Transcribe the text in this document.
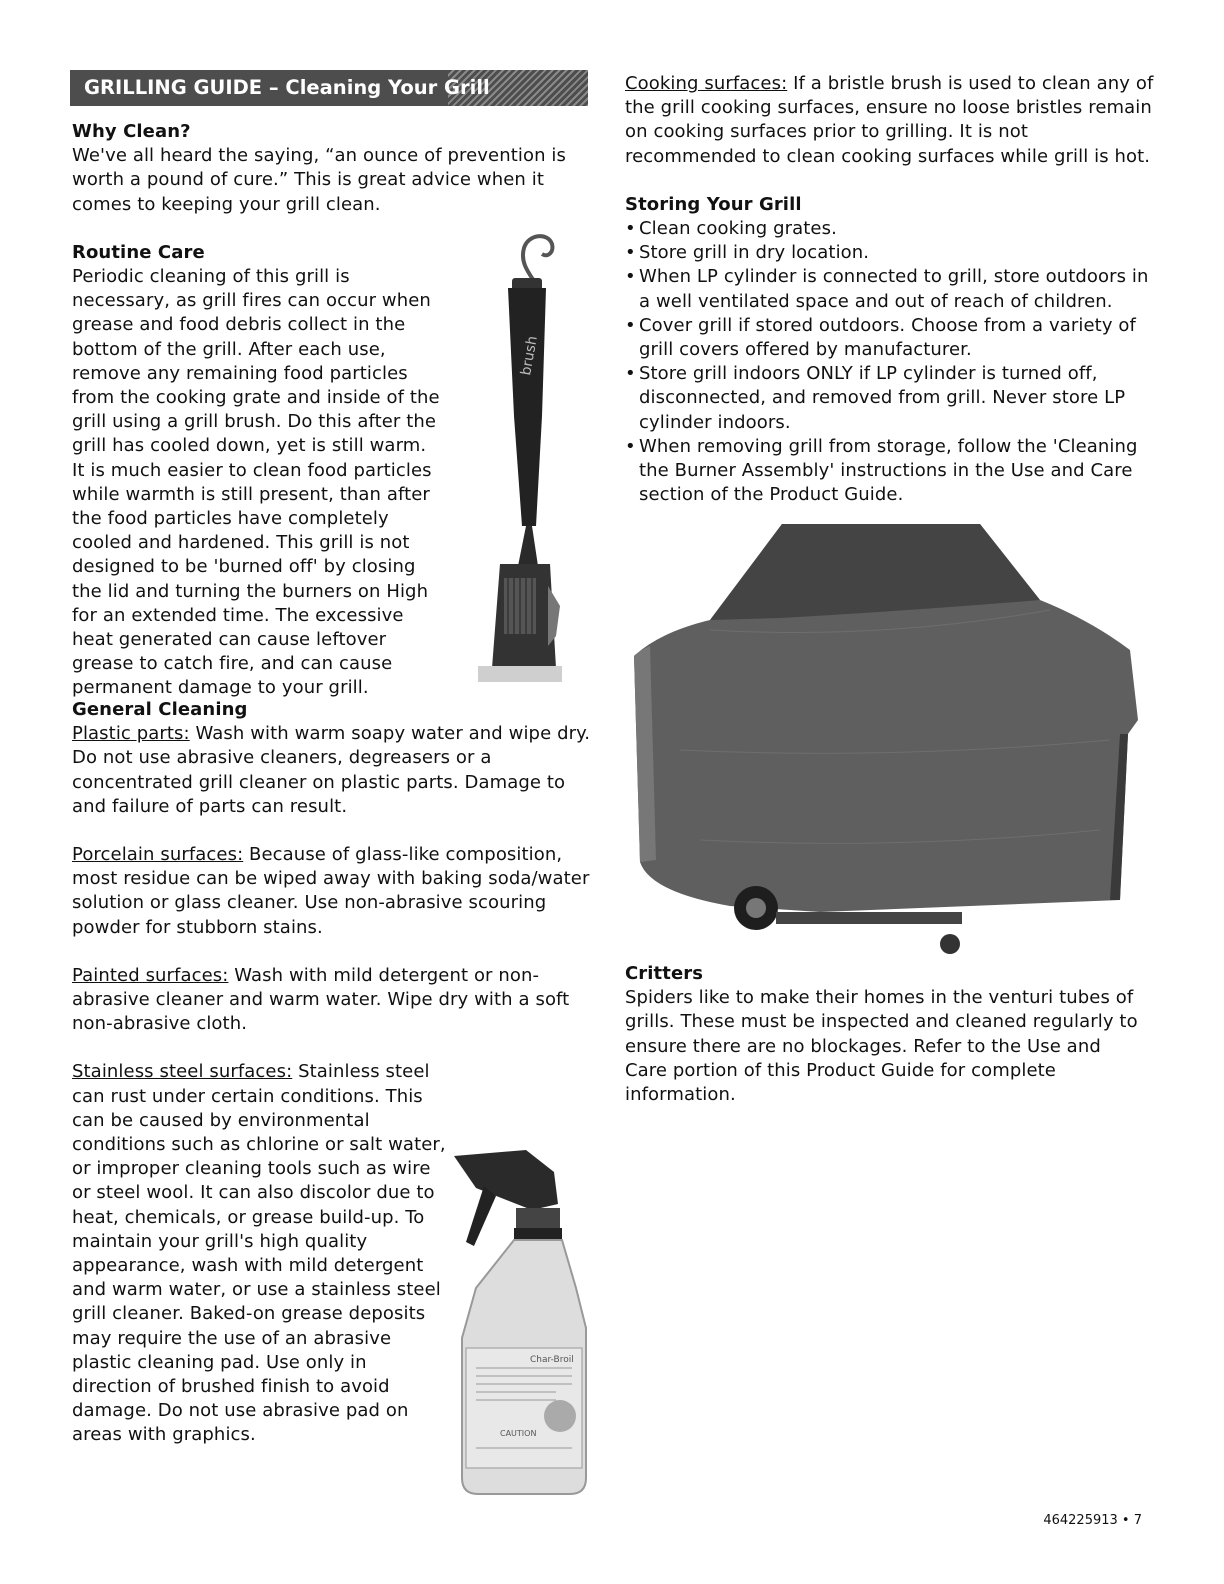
GRILLING GUIDE – Cleaning Your Grill
Why Clean?

We've all heard the saying, “an ounce of prevention is worth a pound of cure.” This is great advice when it comes to keeping your grill clean.

Routine Care

Periodic cleaning of this grill is necessary, as grill fires can occur when grease and food debris collect in the bottom of the grill. After each use, remove any remaining food particles from the cooking grate and inside of the grill using a grill brush. Do this after the grill has cooled down, yet is still warm. It is much easier to clean food particles while warmth is still present, than after the food particles have completely cooled and hardened. This grill is not designed to be 'burned off' by closing the lid and turning the burners on High for an extended time. The excessive heat generated can cause leftover grease to catch fire, and can cause permanent damage to your grill.

brush
General Cleaning

Plastic parts: Wash with warm soapy water and wipe dry. Do not use abrasive cleaners, degreasers or a concentrated grill cleaner on plastic parts. Damage to and failure of parts can result.

Porcelain surfaces: Because of glass-like composition, most residue can be wiped away with baking soda/water solution or glass cleaner. Use non-abrasive scouring powder for stubborn stains.

Painted surfaces: Wash with mild detergent or non-abrasive cleaner and warm water. Wipe dry with a soft non-abrasive cloth.

Stainless steel surfaces: Stainless steel can rust under certain conditions. This can be caused by environmental conditions such as chlorine or salt water, or improper cleaning tools such as wire or steel wool. It can also discolor due to heat, chemicals, or grease build-up. To maintain your grill's high quality appearance, wash with mild detergent and warm water, or use a stainless steel grill cleaner. Baked-on grease deposits may require the use of an abrasive plastic cleaning pad. Use only in direction of brushed finish to avoid damage. Do not use abrasive pad on areas with graphics.

Char-Broil
CAUTION

Cooking surfaces: If a bristle brush is used to clean any of the grill cooking surfaces, ensure no loose bristles remain on cooking surfaces prior to grilling. It is not recommended to clean cooking surfaces while grill is hot.

Storing Your Grill
• Clean cooking grates.
• Store grill in dry location.
• When LP cylinder is connected to grill, store outdoors in a well ventilated space and out of reach of children.
• Cover grill if stored outdoors. Choose from a variety of grill covers offered by manufacturer.
• Store grill indoors ONLY if LP cylinder is turned off, disconnected, and removed from grill. Never store LP cylinder indoors.
• When removing grill from storage, follow the 'Cleaning the Burner Assembly' instructions in the Use and Care section of the Product Guide.
Critters

Spiders like to make their homes in the venturi tubes of grills. These must be inspected and cleaned regularly to ensure there are no blockages. Refer to the Use and Care portion of this Product Guide for complete information.

464225913 • 7
